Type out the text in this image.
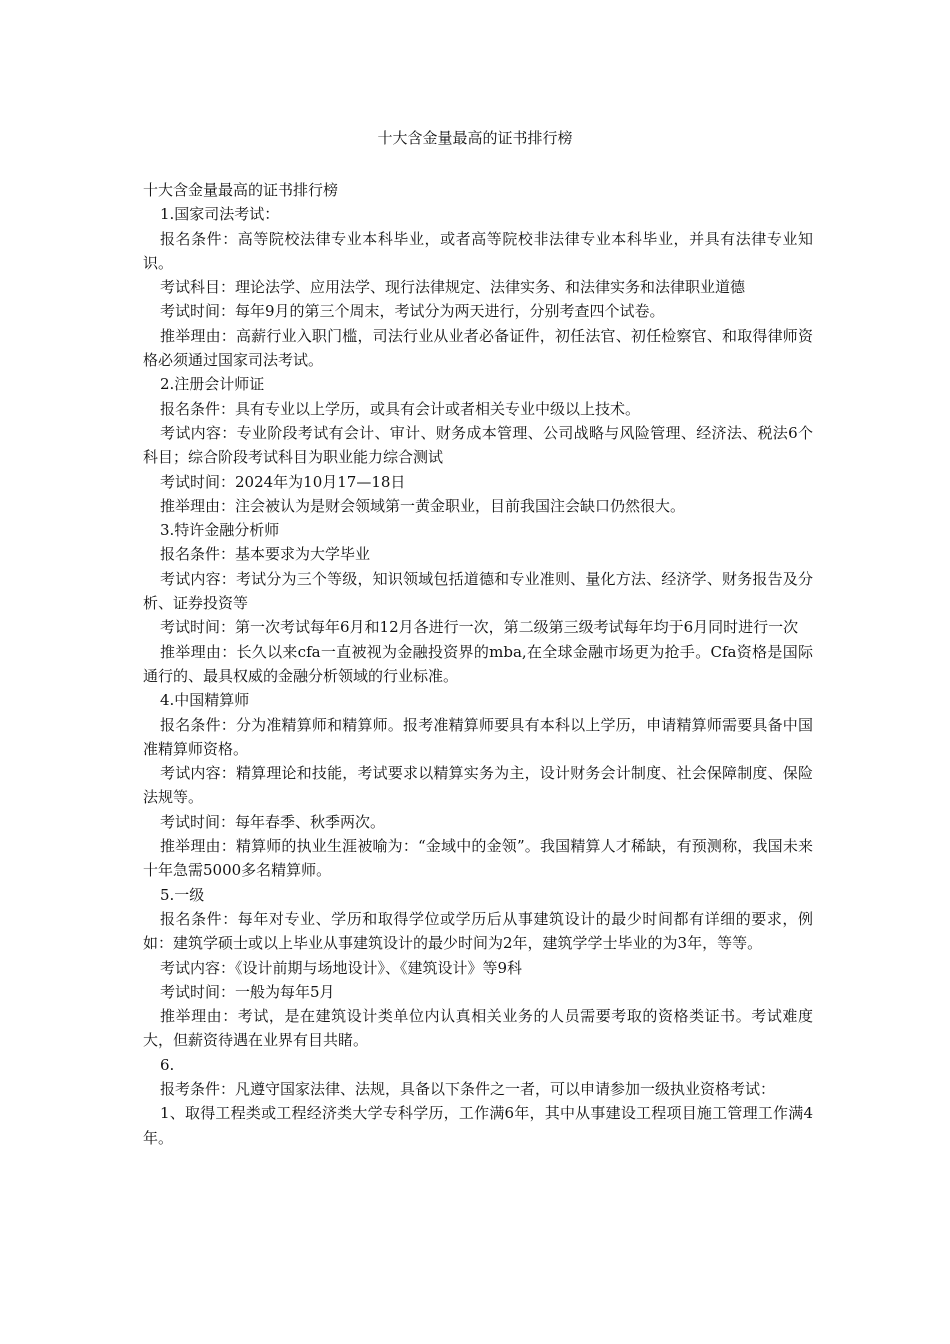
十大含金量最高的证书排行榜

十大含金量最高的证书排行榜

1.国家司法考试：

报名条件：高等院校法律专业本科毕业，或者高等院校非法律专业本科毕业，并具有法律专业知识。

考试科目：理论法学、应用法学、现行法律规定、法律实务、和法律实务和法律职业道德

考试时间：每年9月的第三个周末，考试分为两天进行，分别考查四个试卷。

推举理由：高薪行业入职门槛，司法行业从业者必备证件，初任法官、初任检察官、和取得律师资格必须通过国家司法考试。

2.注册会计师证

报名条件：具有专业以上学历，或具有会计或者相关专业中级以上技术。

考试内容：专业阶段考试有会计、审计、财务成本管理、公司战略与风险管理、经济法、税法6个科目；综合阶段考试科目为职业能力综合测试

考试时间：2024年为10月17—18日

推举理由：注会被认为是财会领域第一黄金职业，目前我国注会缺口仍然很大。

3.特许金融分析师

报名条件：基本要求为大学毕业

考试内容：考试分为三个等级，知识领域包括道德和专业准则、量化方法、经济学、财务报告及分析、证券投资等

考试时间：第一次考试每年6月和12月各进行一次，第二级第三级考试每年均于6月同时进行一次

推举理由：长久以来cfa一直被视为金融投资界的mba,在全球金融市场更为抢手。Cfa资格是国际通行的、最具权威的金融分析领域的行业标准。

4.中国精算师

报名条件：分为准精算师和精算师。报考准精算师要具有本科以上学历，申请精算师需要具备中国准精算师资格。

考试内容：精算理论和技能，考试要求以精算实务为主，设计财务会计制度、社会保障制度、保险法规等。

考试时间：每年春季、秋季两次。

推举理由：精算师的执业生涯被喻为：“金域中的金领”。我国精算人才稀缺，有预测称，我国未来十年急需5000多名精算师。

5.一级

报名条件：每年对专业、学历和取得学位或学历后从事建筑设计的最少时间都有详细的要求，例如：建筑学硕士或以上毕业从事建筑设计的最少时间为2年，建筑学学士毕业的为3年，等等。

考试内容：《设计前期与场地设计》、《建筑设计》等9科

考试时间：一般为每年5月

推举理由：考试，是在建筑设计类单位内认真相关业务的人员需要考取的资格类证书。考试难度大，但薪资待遇在业界有目共睹。

6.

报考条件：凡遵守国家法律、法规，具备以下条件之一者，可以申请参加一级执业资格考试：

1、取得工程类或工程经济类大学专科学历，工作满6年，其中从事建设工程项目施工管理工作满4年。
